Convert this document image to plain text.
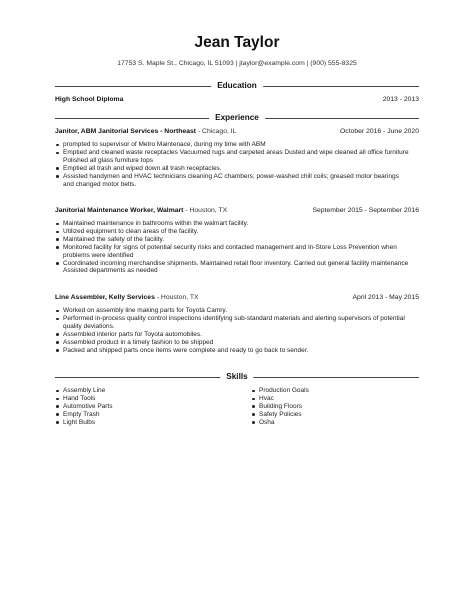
Jean Taylor
17753 S. Maple St., Chicago, IL 51093 | jtaylor@example.com | (900) 555-8325
Education
High School Diploma	2013 - 2013
Experience
Janitor, ABM Janitorial Services - Northeast - Chicago, IL	October 2016 - June 2020
prompted to supervisor of Metro Maintenace, during my time with ABM
Emptied and cleaned waste receptacles Vacuumed rugs and carpeted areas Dusted and wipe cleaned all office furniture Polished all glass furniture tops
Emptied all trash and wiped down all trash receptacles.
Assisted handymen and HVAC technicians cleaning AC chambers; power-washed chill coils; greased motor bearings and changed motor belts.
Janitorial Maintenance Worker, Walmart - Houston, TX	September 2015 - September 2016
Maintained maintenance in bathrooms within the walmart facility.
Utilized equipment to clean areas of the facility.
Maintained the safety of the facility.
Monitored facility for signs of potential security risks and contacted management and In-Store Loss Prevention when problems were identified
Coordinated incoming merchandise shipments. Maintained retail floor inventory. Carried out general facility maintenance Assisted departments as needed
Line Assembler, Kelly Services - Houston, TX	April 2013 - May 2015
Worked on assembly line making parts for Toyota Camry.
Performed in-process quality control inspections identifying sub-standard materials and alerting supervisors of potential quality deviations.
Assembled interior parts for Toyota automobiles.
Assembled product in a timely fashion to be shipped
Packed and shipped parts once items were complete and ready to go back to sender.
Skills
Assembly Line
Hand Tools
Automotive Parts
Empty Trash
Light Bulbs
Production Goals
Hvac
Building Floors
Safety Policies
Osha
